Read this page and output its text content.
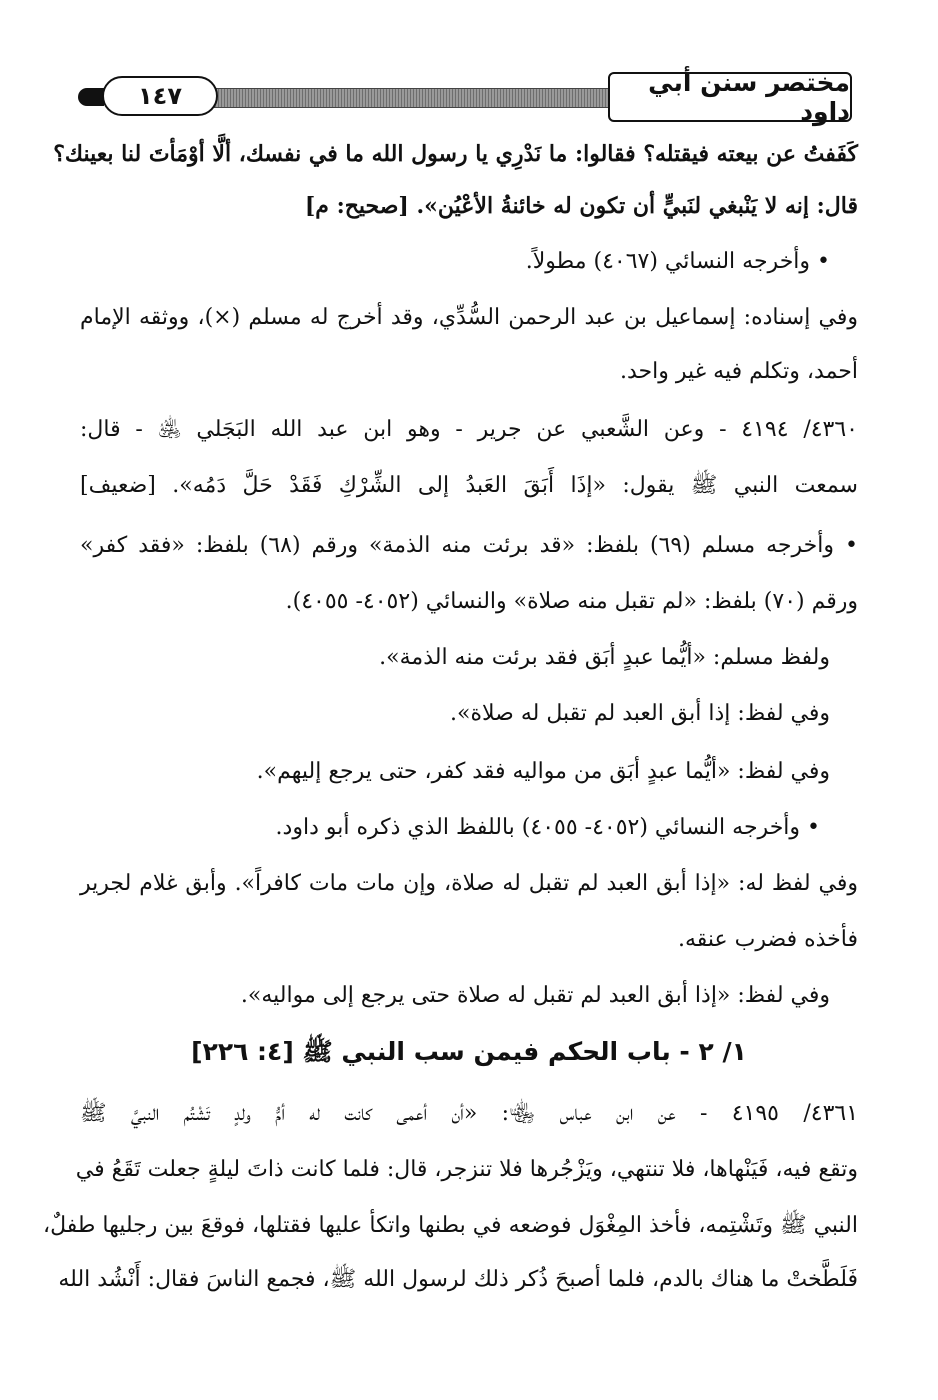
مختصر سنن أبي داود
١٤٧
كَفَفتُ عن بيعته فيقتله؟ فقالوا: ما نَدْرِي يا رسول الله ما في نفسك، ألَّا أوْمَأتَ لنا بعينك؟
قال: إنه لا يَنْبغي لنَبيٍّ أن تكون له خائنةُ الأعْيُن». [صحيح: م]
• وأخرجه النسائي (٤٠٦٧) مطولاً.
وفي إسناده: إسماعيل بن عبد الرحمن السُّدِّي، وقد أخرج له مسلم (×)، ووثقه الإمام
أحمد، وتكلم فيه غير واحد.
٤٣٦٠/ ٤١٩٤ - وعن الشَّعبي عن جرير - وهو ابن عبد الله البَجَلي ﵁ - قال:
سمعت النبي ﷺ يقول: «إذَا أَبَقَ العَبدُ إلى الشِّرْكِ فَقَدْ حَلَّ دَمُه». [ضعيف]
• وأخرجه مسلم (٦٩) بلفظ: «قد برئت منه الذمة» ورقم (٦٨) بلفظ: «فقد كفر»
ورقم (٧٠) بلفظ: «لم تقبل منه صلاة» والنسائي (٤٠٥٢- ٤٠٥٥).
ولفظ مسلم: «أيُّما عبدٍ أبَق فقد برئت منه الذمة».
وفي لفظ: إذا أبق العبد لم تقبل له صلاة».
وفي لفظ: «أيُّما عبدٍ أبَق من مواليه فقد كفر، حتى يرجع إليهم».
• وأخرجه النسائي (٤٠٥٢- ٤٠٥٥) باللفظ الذي ذكره أبو داود.
وفي لفظ له: «إذا أبق العبد لم تقبل له صلاة، وإن مات مات كافراً». وأبق غلام لجرير
فأخذه فضرب عنقه.
وفي لفظ: «إذا أبق العبد لم تقبل له صلاة حتى يرجع إلى مواليه».
١/ ٢ - باب الحكم فيمن سب النبي ﷺ [٤: ٢٢٦]
٤٣٦١/ ٤١٩٥ - عن ابن عباس ﵄: «أن أعمى كانت له أمُّ ولدٍ تَشْتُم النبيَّ ﷺ
وتقع فيه، فَيَنْهاها، فلا تنتهي، ويَزْجُرها فلا تنزجر، قال: فلما كانت ذاتَ ليلةٍ جعلت تَقَعُ في
النبي ﷺ وتَشْتِمه، فأخذ المِغْوَل فوضعه في بطنها واتكأ عليها فقتلها، فوقعَ بين رجليها طفلٌ،
فَلَطَّختْ ما هناك بالدم، فلما أصبحَ ذُكر ذلك لرسول الله ﷺ، فجمع الناسَ فقال: أَنْشُد الله
